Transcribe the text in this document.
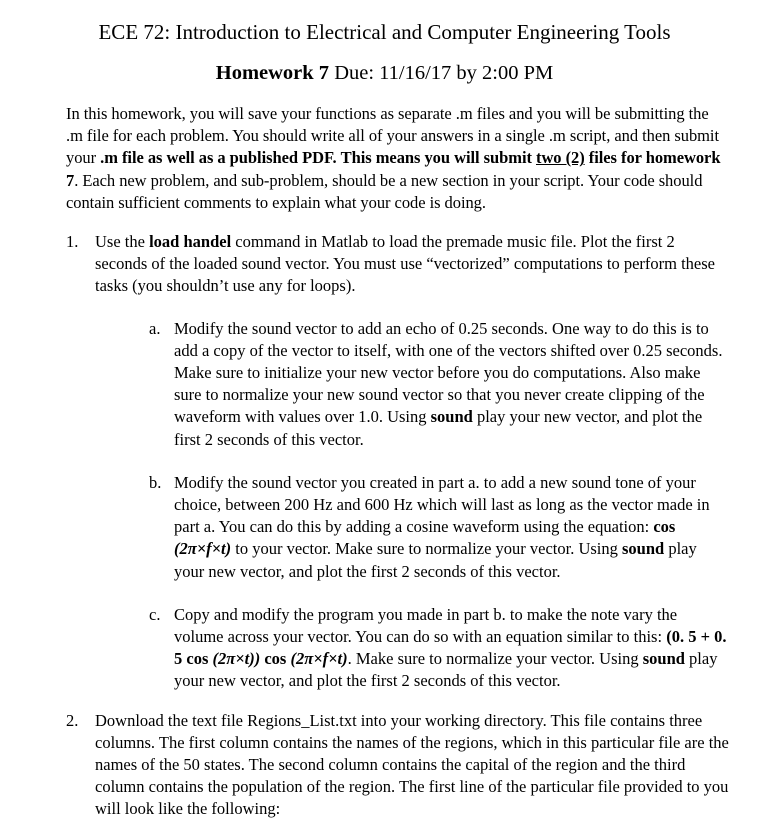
ECE 72: Introduction to Electrical and Computer Engineering Tools
Homework 7 Due: 11/16/17 by 2:00 PM

In this homework, you will save your functions as separate .m files and you will be submitting the .m file for each problem. You should write all of your answers in a single .m script, and then submit your .m file as well as a published PDF. This means you will submit two (2) files for homework 7. Each new problem, and sub-problem, should be a new section in your script. Your code should contain sufficient comments to explain what your code is doing.

1. Use the load handel command in Matlab to load the premade music file. Plot the first 2 seconds of the loaded sound vector. You must use “vectorized” computations to perform these tasks (you shouldn’t use any for loops).
a. Modify the sound vector to add an echo of 0.25 seconds. One way to do this is to add a copy of the vector to itself, with one of the vectors shifted over 0.25 seconds. Make sure to initialize your new vector before you do computations. Also make sure to normalize your new sound vector so that you never create clipping of the waveform with values over 1.0. Using sound play your new vector, and plot the first 2 seconds of this vector.
b. Modify the sound vector you created in part a. to add a new sound tone of your choice, between 200 Hz and 600 Hz which will last as long as the vector made in part a. You can do this by adding a cosine waveform using the equation: cos (2π×f×t) to your vector. Make sure to normalize your vector. Using sound play your new vector, and plot the first 2 seconds of this vector.
c. Copy and modify the program you made in part b. to make the note vary the volume across your vector. You can do so with an equation similar to this: (0. 5 + 0. 5 cos (2π×t)) cos (2π×f×t). Make sure to normalize your vector. Using sound play your new vector, and plot the first 2 seconds of this vector.
2. Download the text file Regions_List.txt into your working directory. This file contains three columns. The first column contains the names of the regions, which in this particular file are the names of the 50 states. The second column contains the capital of the region and the third column contains the population of the region. The first line of the particular file provided to you will look like the following:
